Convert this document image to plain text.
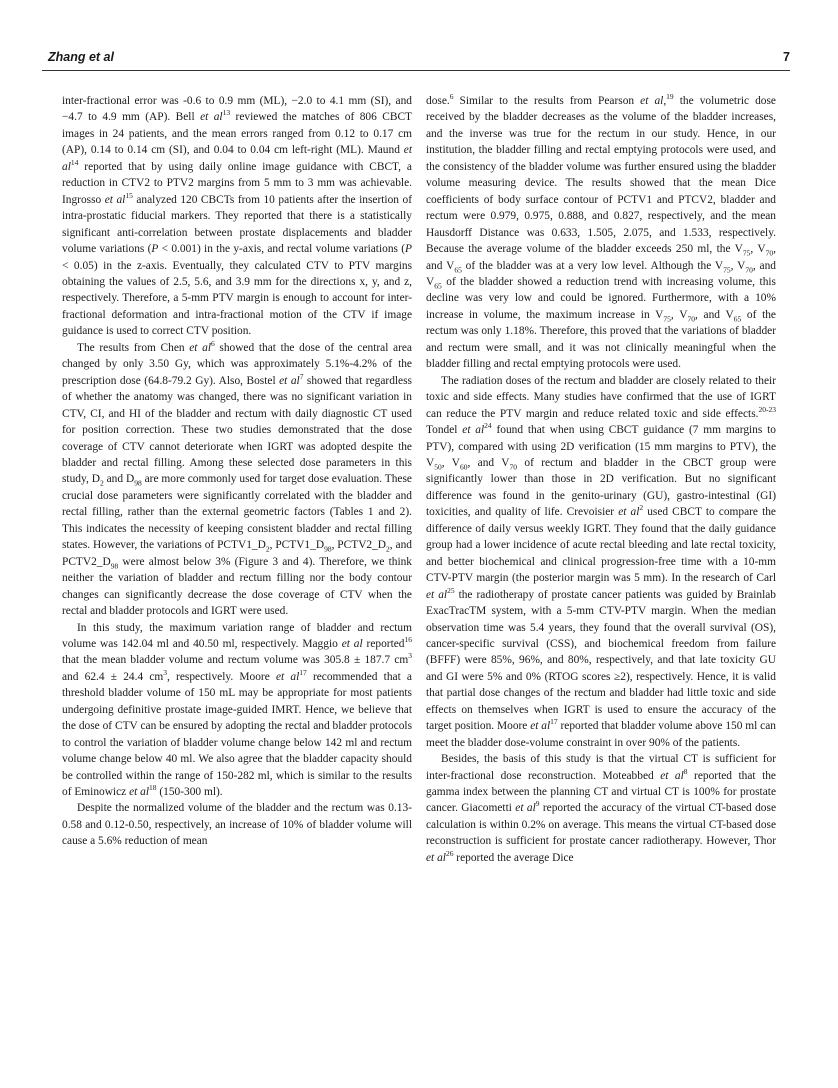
Zhang et al	7

inter-fractional error was -0.6 to 0.9 mm (ML), −2.0 to 4.1 mm (SI), and −4.7 to 4.9 mm (AP). Bell et $al^{13}$ reviewed the matches of 806 CBCT images in 24 patients, and the mean errors ranged from 0.12 to 0.17 cm (AP), 0.14 to 0.14 cm (SI), and 0.04 to 0.04 cm left-right (ML). Maund et $al^{14}$ reported that by using daily online image guidance with CBCT, a reduction in CTV2 to PTV2 margins from 5 mm to 3 mm was achievable. Ingrosso et $al^{15}$ analyzed 120 CBCTs from 10 patients after the insertion of intra-prostatic fiducial markers. They reported that there is a statistically significant anti-correlation between prostate displacements and bladder volume variations (P < 0.001) in the y-axis, and rectal volume variations (P < 0.05) in the z-axis. Eventually, they calculated CTV to PTV margins obtaining the values of 2.5, 5.6, and 3.9 mm for the directions x, y, and z, respectively. Therefore, a 5-mm PTV margin is enough to account for inter-fractional deformation and intra-fractional motion of the CTV if image guidance is used to correct CTV position.

The results from Chen et $al^6$ showed that the dose of the central area changed by only 3.50 Gy, which was approximately 5.1%-4.2% of the prescription dose (64.8-79.2 Gy). Also, Bostel et $al^7$ showed that regardless of whether the anatomy was changed, there was no significant variation in CTV, CI, and HI of the bladder and rectum with daily diagnostic CT used for position correction. These two studies demonstrated that the dose coverage of CTV cannot deteriorate when IGRT was adopted despite the bladder and rectal filling. Among these selected dose parameters in this study, $D_2$ and $D_{98}$ are more commonly used for target dose evaluation. These crucial dose parameters were significantly correlated with the bladder and rectal filling, rather than the external geometric factors (Tables 1 and 2). This indicates the necessity of keeping consistent bladder and rectal filling states. However, the variations of $PCTV1\_D_2$, $PCTV1\_D_{98}$, $PCTV2\_D_2$, and $PCTV2\_D_{98}$ were almost below 3% (Figure 3 and 4). Therefore, we think neither the variation of bladder and rectum filling nor the body contour changes can significantly decrease the dose coverage of CTV when the rectal and bladder protocols and IGRT were used.

In this study, the maximum variation range of bladder and rectum volume was 142.04 ml and 40.50 ml, respectively. Maggio et al reported$^{16}$ that the mean bladder volume and rectum volume was 305.8 ± 187.7 $cm^3$ and 62.4 ± 24.4 $cm^3$, respectively. Moore et $al^{17}$ recommended that a threshold bladder volume of 150 mL may be appropriate for most patients undergoing definitive prostate image-guided IMRT. Hence, we believe that the dose of CTV can be ensured by adopting the rectal and bladder protocols to control the variation of bladder volume change below 142 ml and rectum volume change below 40 ml. We also agree that the bladder capacity should be controlled within the range of 150-282 ml, which is similar to the results of Eminowicz et $al^{18}$ (150-300 ml).

Despite the normalized volume of the bladder and the rectum was 0.13-0.58 and 0.12-0.50, respectively, an increase of 10% of bladder volume will cause a 5.6% reduction of mean

dose.$^6$ Similar to the results from Pearson et al,$^{19}$ the volumetric dose received by the bladder decreases as the volume of the bladder increases, and the inverse was true for the rectum in our study. Hence, in our institution, the bladder filling and rectal emptying protocols were used, and the consistency of the bladder volume was further ensured using the bladder volume measuring device. The results showed that the mean Dice coefficients of body surface contour of PCTV1 and PTCV2, bladder and rectum were 0.979, 0.975, 0.888, and 0.827, respectively, and the mean Hausdorff Distance was 0.633, 1.505, 2.075, and 1.533, respectively. Because the average volume of the bladder exceeds 250 ml, the $V_{75}$, $V_{70}$, and $V_{65}$ of the bladder was at a very low level. Although the $V_{75}$, $V_{70}$, and $V_{65}$ of the bladder showed a reduction trend with increasing volume, this decline was very low and could be ignored. Furthermore, with a 10% increase in volume, the maximum increase in $V_{75}$, $V_{70}$, and $V_{65}$ of the rectum was only 1.18%. Therefore, this proved that the variations of bladder and rectum were small, and it was not clinically meaningful when the bladder filling and rectal emptying protocols were used.

The radiation doses of the rectum and bladder are closely related to their toxic and side effects. Many studies have confirmed that the use of IGRT can reduce the PTV margin and reduce related toxic and side effects.$^{20-23}$ Tondel et $al^{24}$ found that when using CBCT guidance (7 mm margins to PTV), compared with using 2D verification (15 mm margins to PTV), the $V_{50}$, $V_{60}$, and $V_{70}$ of rectum and bladder in the CBCT group were significantly lower than those in 2D verification. But no significant difference was found in the genito-urinary (GU), gastro-intestinal (GI) toxicities, and quality of life. Crevoisier et $al^2$ used CBCT to compare the difference of daily versus weekly IGRT. They found that the daily guidance group had a lower incidence of acute rectal bleeding and late rectal toxicity, and better biochemical and clinical progression-free time with a 10-mm CTV-PTV margin (the posterior margin was 5 mm). In the research of Carl et $al^{25}$ the radiotherapy of prostate cancer patients was guided by Brainlab ExacTracTM system, with a 5-mm CTV-PTV margin. When the median observation time was 5.4 years, they found that the overall survival (OS), cancer-specific survival (CSS), and biochemical freedom from failure (BFFF) were 85%, 96%, and 80%, respectively, and that late toxicity GU and GI were 5% and 0% (RTOG scores ≥2), respectively. Hence, it is valid that partial dose changes of the rectum and bladder had little toxic and side effects on themselves when IGRT is used to ensure the accuracy of the target position. Moore et $al^{17}$ reported that bladder volume above 150 ml can meet the bladder dose-volume constraint in over 90% of the patients.

Besides, the basis of this study is that the virtual CT is sufficient for inter-fractional dose reconstruction. Moteabbed et $al^8$ reported that the gamma index between the planning CT and virtual CT is 100% for prostate cancer. Giacometti et $al^9$ reported the accuracy of the virtual CT-based dose calculation is within 0.2% on average. This means the virtual CT-based dose reconstruction is sufficient for prostate cancer radiotherapy. However, Thor et $al^{26}$ reported the average Dice
